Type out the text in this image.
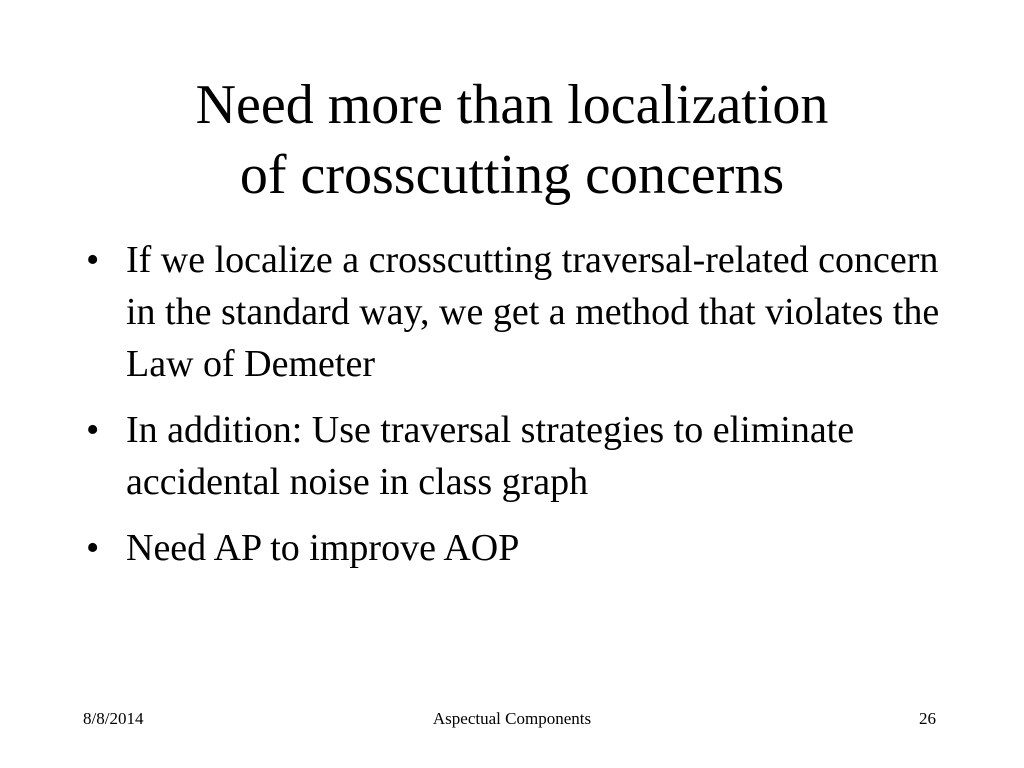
Need more than localization
of crosscutting concerns
• If we localize a crosscutting traversal-related concern in the standard way, we get a method that violates the Law of Demeter
• In addition: Use traversal strategies to eliminate accidental noise in class graph
• Need AP to improve AOP
8/8/2014	Aspectual Components	26
